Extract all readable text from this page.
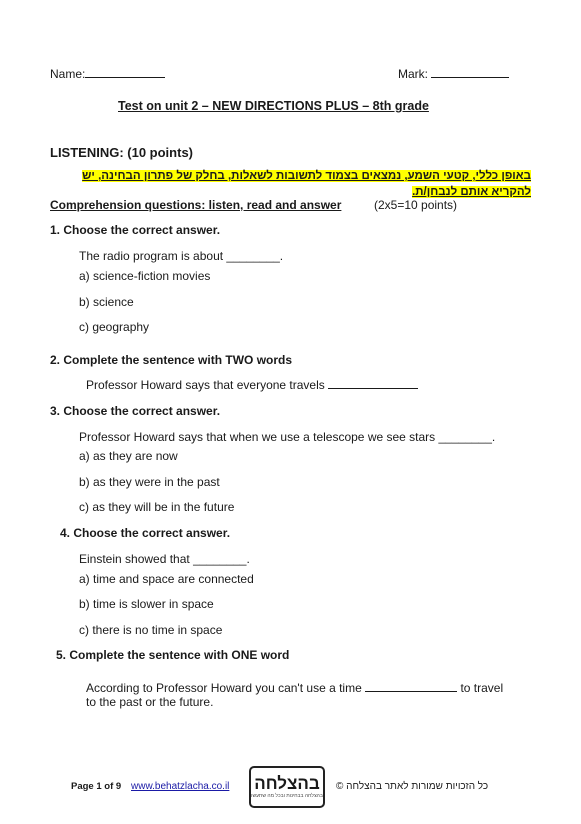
Name:	Mark:
Test on unit 2 – NEW DIRECTIONS PLUS – 8th grade
LISTENING: (10 points)
באופן כללי, קטעי השמע, נמצאים בצמוד לתשובות לשאלות, בחלק של פתרון הבחינה, יש להקריא אותם לנבחן/ת.
Comprehension questions: listen, read and answer	(2x5=10 points)
1. Choose the correct answer.
The radio program is about ________.
a) science-fiction movies
b) science
c) geography
2. Complete the sentence with TWO words
Professor Howard says that everyone travels
3. Choose the correct answer.
Professor Howard says that when we use a telescope we see stars ________.
a) as they are now
b) as they were in the past
c) as they will be in the future
4. Choose the correct answer.
Einstein showed that ________.
a) time and space are connected
b) time is slower in space
c) there is no time in space
5. Complete the sentence with ONE word
According to Professor Howard you can't use a time	to travel to the past or the future.
Page 1 of 9 www.behatzlacha.co.il בהצלחה
בהצלחה בבחינות ובכל מה שתעשו
כל הזכויות שמורות לאתר בהצלחה ©
